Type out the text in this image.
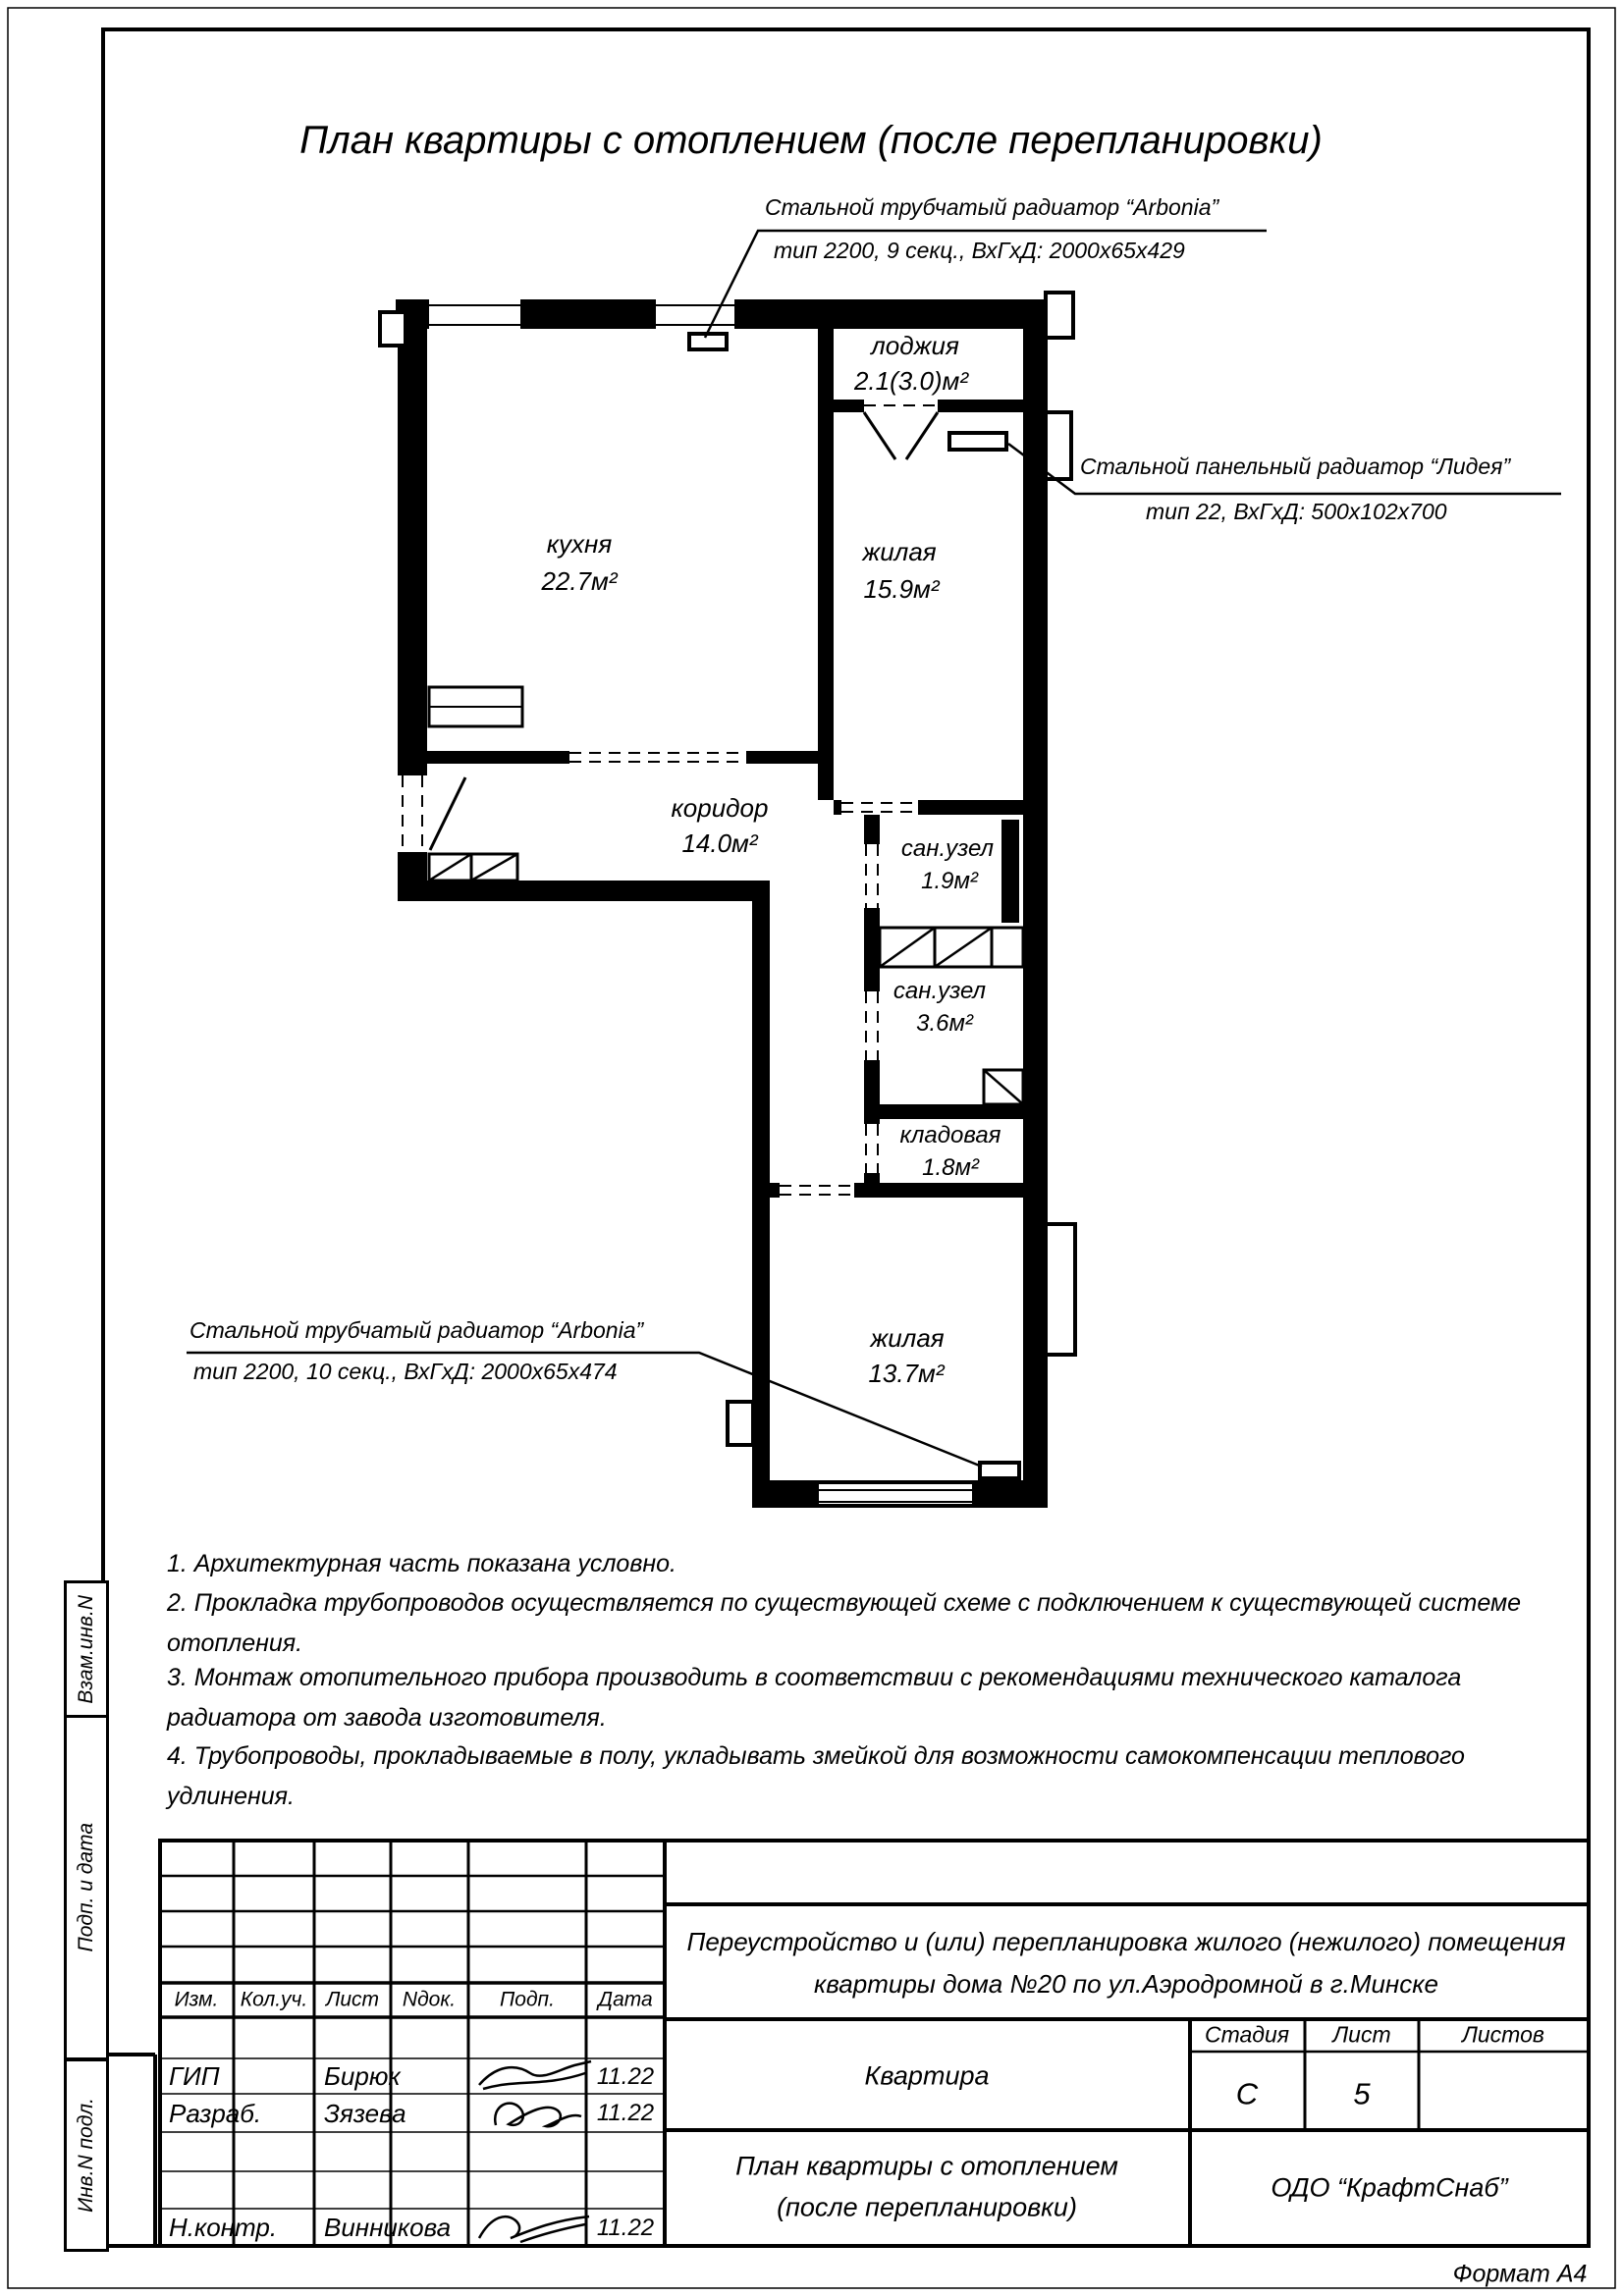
План квартиры с отоплением (после перепланировки)
Стальной трубчатый радиатор “Arbonia”
тип 2200, 9 секц., ВхГхД: 2000х65х429
Стальной панельный радиатор “Лидея”
тип 22, ВхГхД: 500х102х700
Стальной трубчатый радиатор “Arbonia”
тип 2200, 10 секц., ВхГхД: 2000х65х474
лоджия
2.1(3.0)м²
кухня
22.7м²
жилая
15.9м²
коридор
14.0м²	сан.узел
1.9м²
сан.узел
3.6м²
кладовая
1.8м²
жилая
13.7м²
1. Архитектурная часть показана условно.
2. Прокладка трубопроводов осуществляется по существующей схеме с подключением к существующей системе
отопления.
3. Монтаж отопительного прибора производить в соответствии с рекомендациями технического каталога
радиатора от завода изготовителя.
4. Трубопроводы, прокладываемые в полу, укладывать змейкой для возможности самокомпенсации теплового
удлинения.
Взам.инв.N
Подп. и дата
Инв.N подл.
Изм. Кол.уч. Лист Nдок. Подп. Дата
ГИП	Бирюк	11.22
Разраб. Зязева	11.22
Н.контр. Винникова	11.22
Переустройство и (или) перепланировка жилого (нежилого) помещения
квартиры дома №20 по ул.Аэродромной в г.Минске
Квартира
Стадия Лист	Листов
С	5
План квартиры с отоплением
(после перепланировки)
ОДО “КрафтСнаб”
Формат А4
